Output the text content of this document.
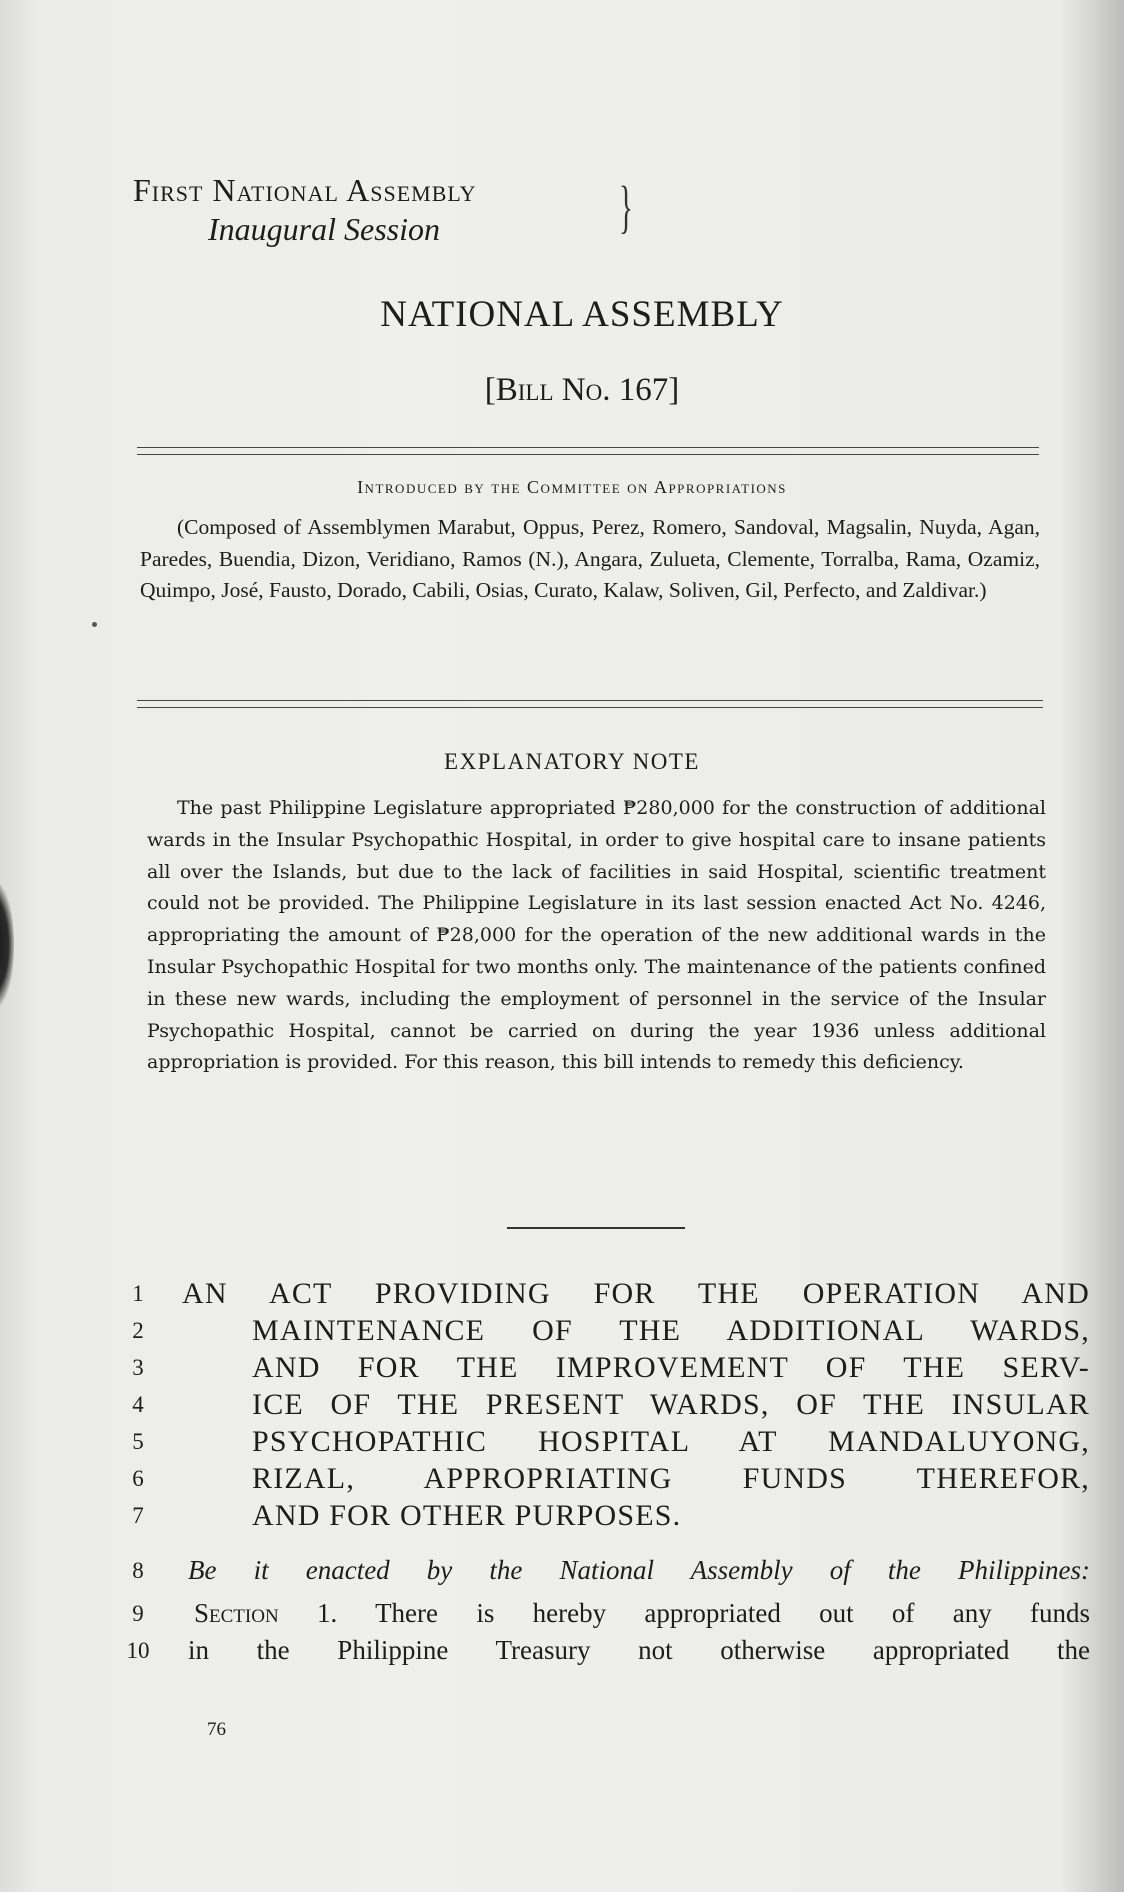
First National Assembly
Inaugural Session	}
NATIONAL ASSEMBLY
[Bill No. 167]
Introduced by the Committee on Appropriations
(Composed of Assemblymen Marabut, Oppus, Perez, Romero, Sandoval, Magsalin, Nuyda, Agan, Paredes, Buendia, Dizon, Veridiano, Ramos (N.), Angara, Zulueta, Clemente, Torralba, Rama, Ozamiz, Quimpo, José, Fausto, Dorado, Cabili, Osias, Curato, Kalaw, Soliven, Gil, Perfecto, and Zaldivar.)
EXPLANATORY NOTE
The past Philippine Legislature appropriated ₱280,000 for the construction of additional wards in the Insular Psychopathic Hospital, in order to give hospital care to insane patients all over the Islands, but due to the lack of facilities in said Hospital, scientific treatment could not be provided. The Philippine Legislature in its last session enacted Act No. 4246, appropriating the amount of ₱28,000 for the operation of the new additional wards in the Insular Psychopathic Hospital for two months only. The maintenance of the patients confined in these new wards, including the employment of personnel in the service of the Insular Psychopathic Hospital, cannot be carried on during the year 1936 unless additional appropriation is provided. For this reason, this bill intends to remedy this deficiency.
1	AN ACT PROVIDING FOR THE OPERATION AND
2	MAINTENANCE OF THE ADDITIONAL WARDS,
3	AND FOR THE IMPROVEMENT OF THE SERV-
4	ICE OF THE PRESENT WARDS, OF THE INSULAR
5	PSYCHOPATHIC HOSPITAL AT MANDALUYONG,
6	RIZAL, APPROPRIATING FUNDS THEREFOR,
7	AND FOR OTHER PURPOSES.
8	Be it enacted by the National Assembly of the Philippines:
9	Section 1. There is hereby appropriated out of any funds
10 in the Philippine Treasury not otherwise appropriated the
76
